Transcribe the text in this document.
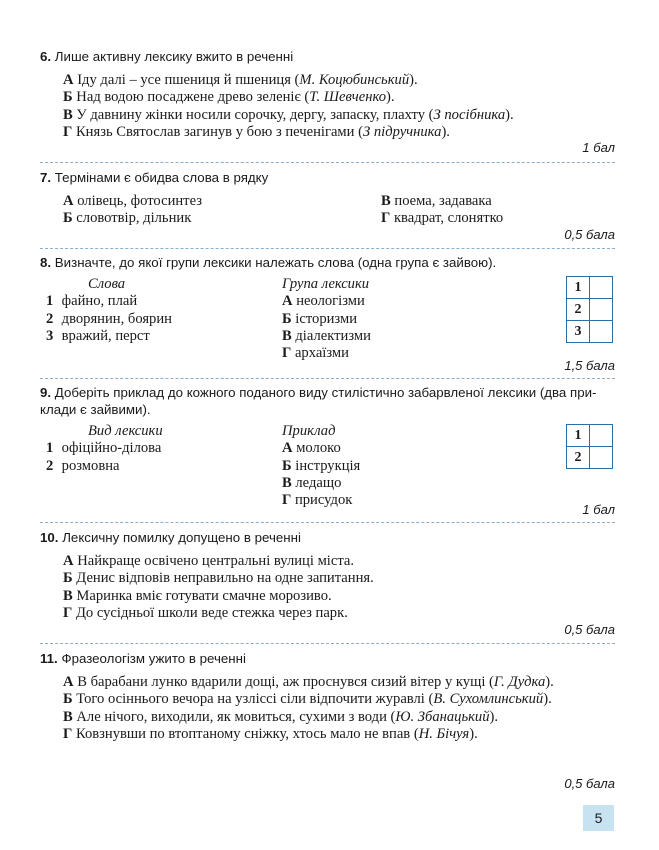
6. Лише активну лексику вжито в реченні
А Іду далі – усе пшениця й пшениця (М. Коцюбинський).
Б Над водою посаджене древо зеленіє (Т. Шевченко).
В У давнину жінки носили сорочку, дергу, запаску, плахту (З посібника).
Г Князь Святослав загинув у бою з печенігами (З підручника).
1 бал
7. Термінами є обидва слова в рядку
А олівець, фотосинтез
Б словотвір, дільник
В поема, задавака
Г квадрат, слонятко
0,5 бала
8. Визначте, до якої групи лексики належать слова (одна група є зайвою).
Слова
1 файно, плай
2 дворянин, боярин
3 вражий, перст
Група лексики
А неологізми
Б історизми
В діалектизми
Г архаїзми
1,5 бала
1	
2	
3	
9. Доберіть приклад до кожного поданого виду стилістично забарвленої лексики (два при-
клади є зайвими).
Вид лексики
1 офіційно-ділова
2 розмовна
Приклад
А молоко
Б інструкція
В ледащо
Г присудок
1 бал
1	
2	
10. Лексичну помилку допущено в реченні
А Найкраще освічено центральні вулиці міста.
Б Денис відповів неправильно на одне запитання.
В Маринка вміє готувати смачне морозиво.
Г До сусідньої школи веде стежка через парк.
0,5 бала
11. Фразеологізм ужито в реченні
А В барабани лунко вдарили дощі, аж проснувся сизий вітер у кущі (Г. Дудка).
Б Того осіннього вечора на узліссі сіли відпочити журавлі (В. Сухомлинський).
В Але нічого, виходили, як мовиться, сухими з води (Ю. Збанацький).
Г Ковзнувши по втоптаному сніжку, хтось мало не впав (Н. Бічуя).
0,5 бала
5
